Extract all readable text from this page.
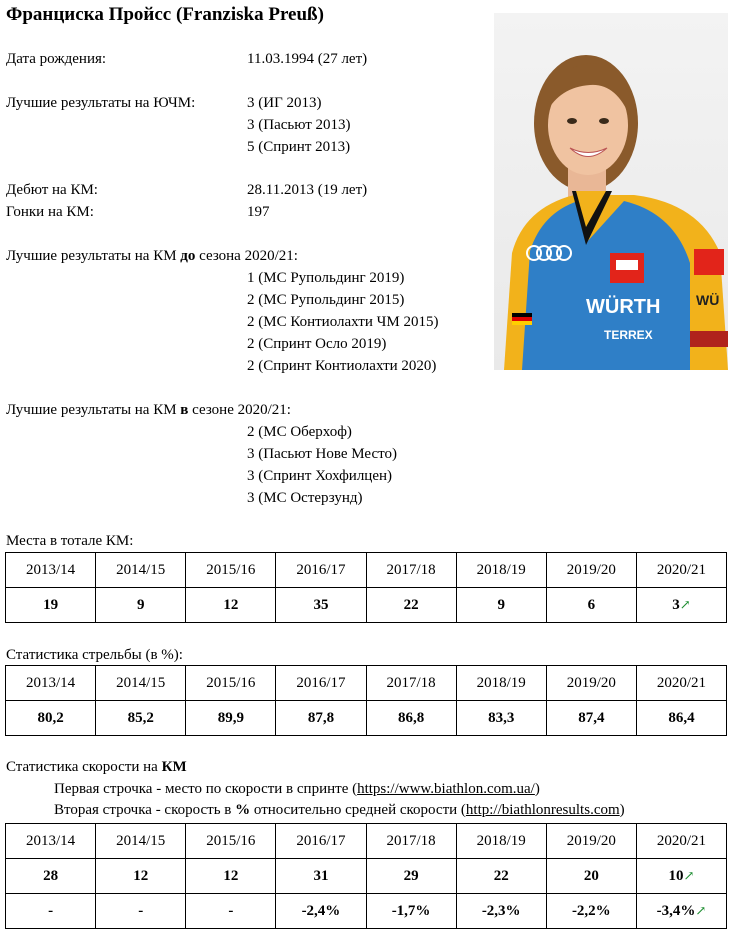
Франциска Пройсс (Franziska Preuß)
Дата рождения:	11.03.1994 (27 лет)
Лучшие результаты на ЮЧМ:	3 (ИГ 2013)
3 (Пасьют 2013)
5 (Спринт 2013)
Дебют на КМ:	28.11.2013 (19 лет)
Гонки на КМ:	197
Лучшие результаты на КМ до сезона 2020/21:
1 (МС Рупольдинг 2019)
2 (МС Рупольдинг 2015)
2 (МС Контиолахти ЧМ 2015)
2 (Спринт Осло 2019)
2 (Спринт Контиолахти 2020)
Лучшие результаты на КМ в сезоне 2020/21:
2 (МС Оберхоф)
3 (Пасьют Нове Место)
3 (Спринт Хохфилцен)
3 (МС Остерзунд)
WÜRTH
TERREX
WÜ
Места в тотале КМ:
2013/14	2014/15	2015/16	2016/17	2017/18	2018/19	2019/20	2020/21
19	9	12	35	22	9	6	3↗
Статистика стрельбы (в %):
2013/14	2014/15	2015/16	2016/17	2017/18	2018/19	2019/20	2020/21
80,2	85,2	89,9	87,8	86,8	83,3	87,4	86,4
Статистика скорости на КМ
Первая строчка - место по скорости в спринте (https://www.biathlon.com.ua/)
Вторая строчка - скорость в % относительно средней скорости (http://biathlonresults.com)
2013/14	2014/15	2015/16	2016/17	2017/18	2018/19	2019/20	2020/21
28	12	12	31	29	22	20	10↗
-	-	-	-2,4%	-1,7%	-2,3%	-2,2%	-3,4%↗
